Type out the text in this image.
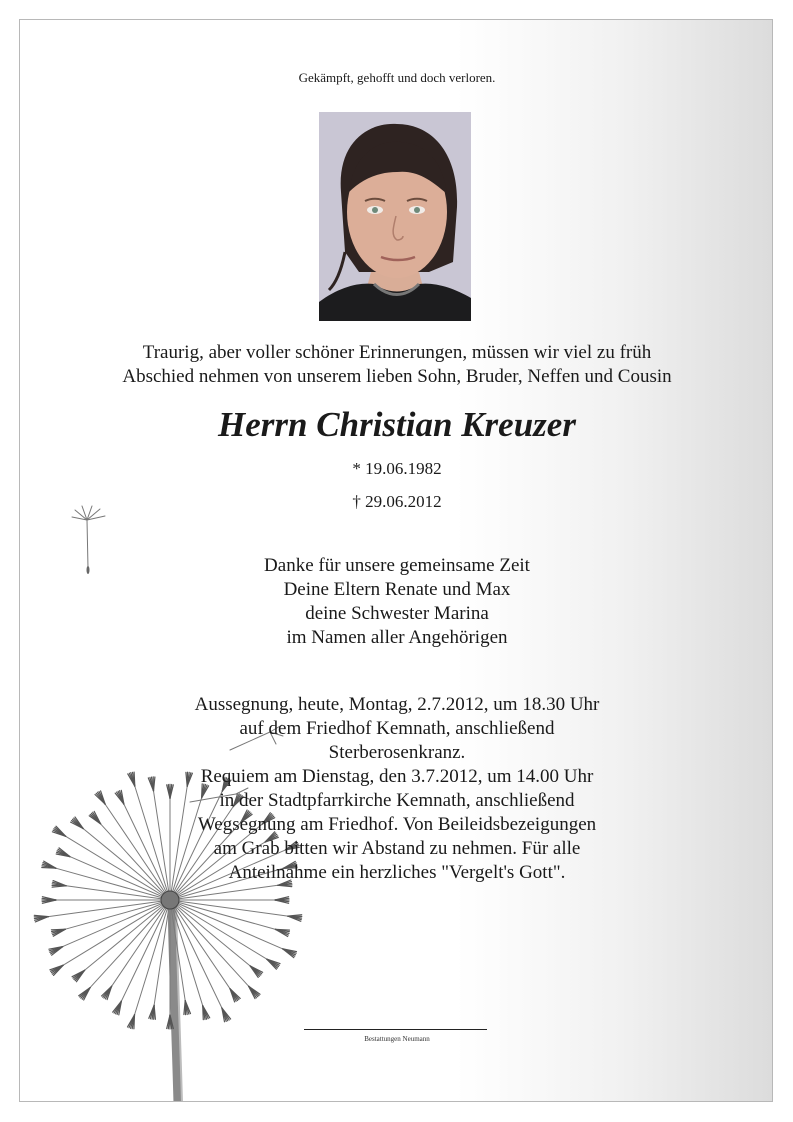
Gekämpft, gehofft und doch verloren.
Traurig, aber voller schöner Erinnerungen, müssen wir viel zu früh
Abschied nehmen von unserem lieben Sohn, Bruder, Neffen und Cousin
Herrn Christian Kreuzer
* 19.06.1982
† 29.06.2012
Danke für unsere gemeinsame Zeit
Deine Eltern Renate und Max
deine Schwester Marina
im Namen aller Angehörigen
Aussegnung, heute, Montag, 2.7.2012, um 18.30 Uhr
auf dem Friedhof Kemnath, anschließend
Sterberosenkranz.
Requiem am Dienstag, den 3.7.2012, um 14.00 Uhr
in der Stadtpfarrkirche Kemnath, anschließend
Wegsegnung am Friedhof. Von Beileidsbezeigungen
am Grab bitten wir Abstand zu nehmen. Für alle
Anteilnahme ein herzliches "Vergelt's Gott".
Bestattungen Neumann
